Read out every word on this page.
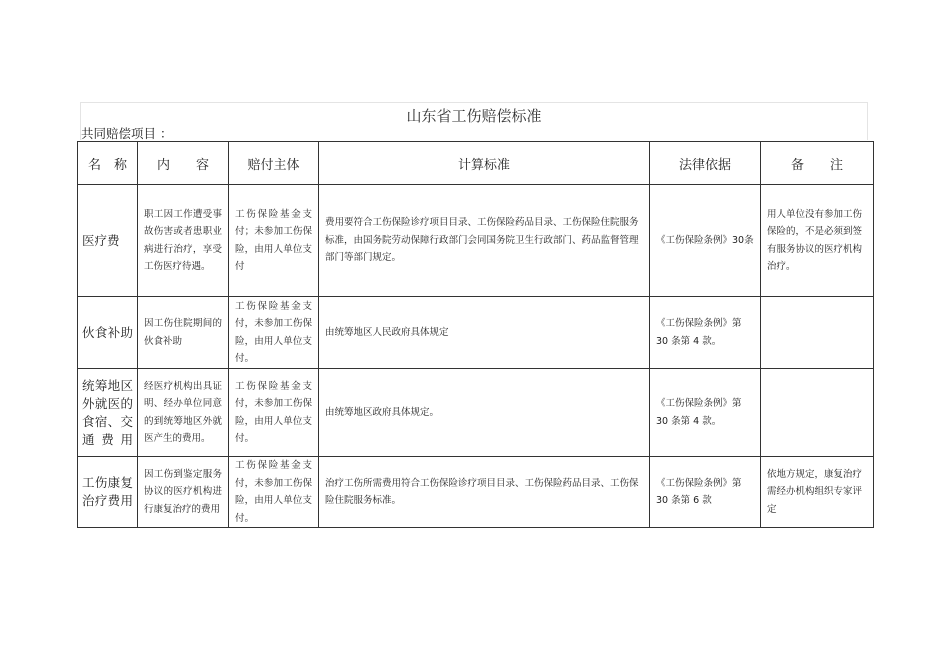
山东省工伤赔偿标准
共同赔偿项目 ：
名　称	内　　容	赔付主体	计算标准	法律依据	备　　注
医疗费	职工因工作遭受事故伤害或者患职业病进行治疗，享受工伤医疗待遇。	工伤保险基金支付；未参加工伤保险，由用人单位支付	费用要符合工伤保险诊疗项目目录、工伤保险药品目录、工伤保险住院服务标准，由国务院劳动保障行政部门会同国务院卫生行政部门、药品监督管理部门等部门规定。	《工伤保险条例》30条	用人单位没有参加工伤保险的，不是必须到签有服务协议的医疗机构治疗。
伙食补助	因工伤住院期间的伙食补助	工伤保险基金支付，未参加工伤保险，由用人单位支付。	由统筹地区人民政府具体规定	《工伤保险条例》第 30 条第 4 款。	
统筹地区外就医的食宿、交通费用	经医疗机构出具证明、经办单位同意的到统筹地区外就医产生的费用。	工伤保险基金支付，未参加工伤保险，由用人单位支付。	由统筹地区政府具体规定。	《工伤保险条例》第 30 条第 4 款。	
工伤康复治疗费用	因工伤到鉴定服务协议的医疗机构进行康复治疗的费用	工伤保险基金支付，未参加工伤保险，由用人单位支付。	治疗工伤所需费用符合工伤保险诊疗项目目录、工伤保险药品目录、工伤保险住院服务标准。	《工伤保险条例》第 30 条第 6 款	依地方规定，康复治疗需经办机构组织专家评定
